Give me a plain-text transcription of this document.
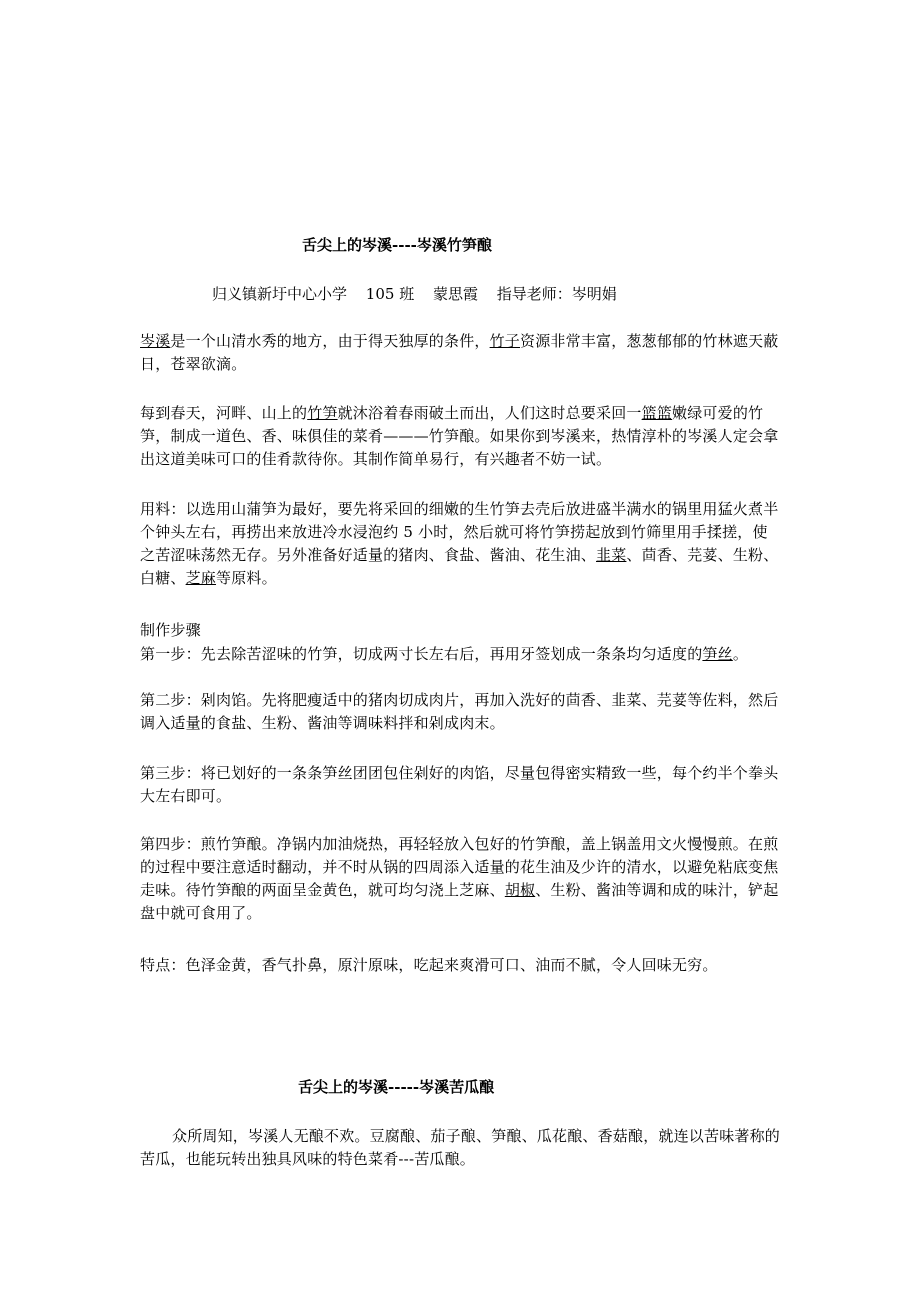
舌尖上的岑溪----岑溪竹笋酿
归义镇新圩中心小学 105 班 蒙思霞 指导老师：岑明娟

岑溪是一个山清水秀的地方，由于得天独厚的条件，竹子资源非常丰富，葱葱郁郁的竹林遮天蔽日，苍翠欲滴。

每到春天，河畔、山上的竹笋就沐浴着春雨破土而出，人们这时总要采回一篮篮嫩绿可爱的竹笋，制成一道色、香、味俱佳的菜肴———竹笋酿。如果你到岑溪来，热情淳朴的岑溪人定会拿出这道美味可口的佳肴款待你。其制作简单易行，有兴趣者不妨一试。

用料：以选用山蒲笋为最好，要先将采回的细嫩的生竹笋去壳后放进盛半满水的锅里用猛火煮半个钟头左右，再捞出来放进冷水浸泡约 5 小时，然后就可将竹笋捞起放到竹筛里用手揉搓，使之苦涩味荡然无存。另外准备好适量的猪肉、食盐、酱油、花生油、韭菜、茴香、芫荽、生粉、白糖、芝麻等原料。

制作步骤

第一步：先去除苦涩味的竹笋，切成两寸长左右后，再用牙签划成一条条均匀适度的笋丝。

第二步：剁肉馅。先将肥瘦适中的猪肉切成肉片，再加入洗好的茴香、韭菜、芫荽等佐料，然后调入适量的食盐、生粉、酱油等调味料拌和剁成肉末。

第三步：将已划好的一条条笋丝团团包住剁好的肉馅，尽量包得密实精致一些，每个约半个拳头大左右即可。

第四步：煎竹笋酿。净锅内加油烧热，再轻轻放入包好的竹笋酿，盖上锅盖用文火慢慢煎。在煎的过程中要注意适时翻动，并不时从锅的四周添入适量的花生油及少许的清水，以避免粘底变焦走味。待竹笋酿的两面呈金黄色，就可均匀浇上芝麻、胡椒、生粉、酱油等调和成的味汁，铲起盘中就可食用了。

特点：色泽金黄，香气扑鼻，原汁原味，吃起来爽滑可口、油而不腻，令人回味无穷。

舌尖上的岑溪-----岑溪苦瓜酿

众所周知，岑溪人无酿不欢。豆腐酿、茄子酿、笋酿、瓜花酿、香菇酿，就连以苦味著称的苦瓜，也能玩转出独具风味的特色菜肴---苦瓜酿。
